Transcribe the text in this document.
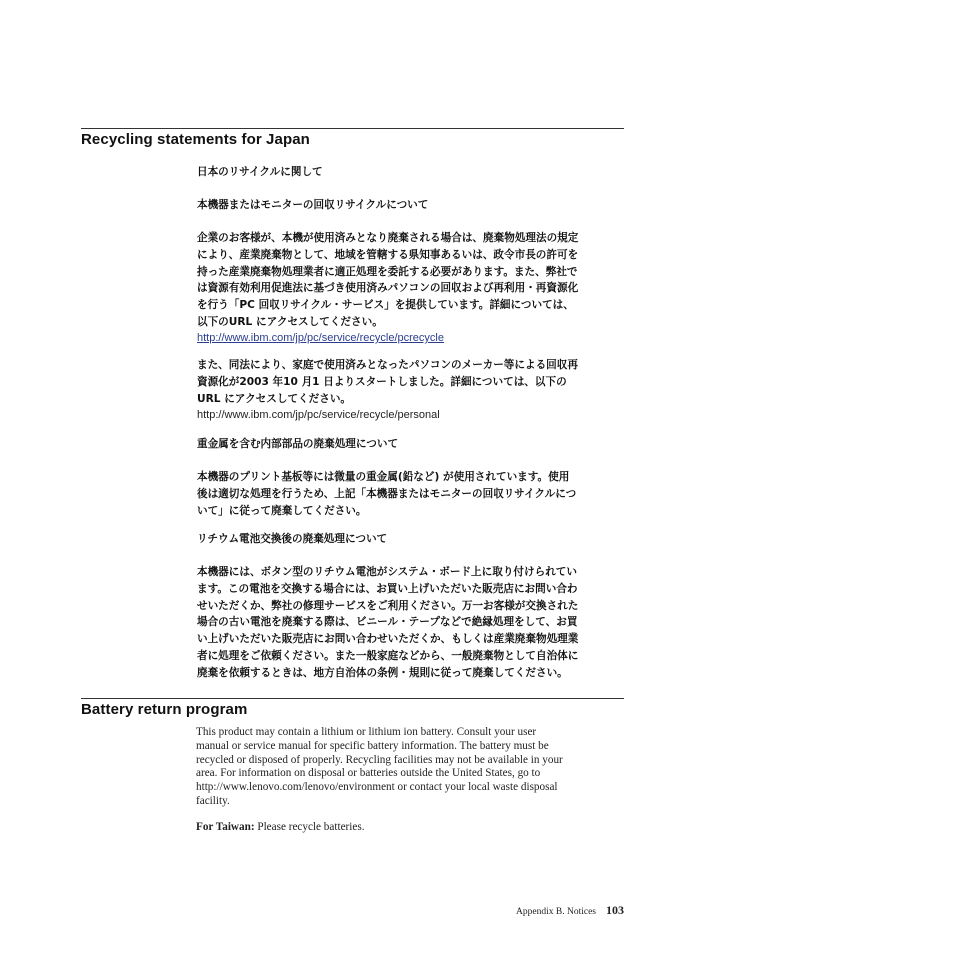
Recycling statements for Japan

日本のリサイクルに関して

本機器またはモニターの回収リサイクルについて

企業のお客様が、本機が使用済みとなり廃棄される場合は、廃棄物処理法の規定
により、産業廃棄物として、地域を管轄する県知事あるいは、政令市長の許可を
持った産業廃棄物処理業者に適正処理を委託する必要があります。また、弊社で
は資源有効利用促進法に基づき使用済みパソコンの回収および再利用・再資源化
を行う「PC 回収リサイクル・サービス」を提供しています。詳細については、
以下のURL にアクセスしてください。
http://www.ibm.com/jp/pc/service/recycle/pcrecycle
また、同法により、家庭で使用済みとなったパソコンのメーカー等による回収再
資源化が2003 年10 月1 日よりスタートしました。詳細については、以下の
URL にアクセスしてください。
http://www.ibm.com/jp/pc/service/recycle/personal

重金属を含む内部部品の廃棄処理について

本機器のプリント基板等には微量の重金属(鉛など) が使用されています。使用
後は適切な処理を行うため、上記「本機器またはモニターの回収リサイクルにつ
いて」に従って廃棄してください。

リチウム電池交換後の廃棄処理について

本機器には、ボタン型のリチウム電池がシステム・ボード上に取り付けられてい
ます。この電池を交換する場合には、お買い上げいただいた販売店にお問い合わ
せいただくか、弊社の修理サービスをご利用ください。万一お客様が交換された
場合の古い電池を廃棄する際は、ビニール・テープなどで絶縁処理をして、お買
い上げいただいた販売店にお問い合わせいただくか、もしくは産業廃棄物処理業
者に処理をご依頼ください。また一般家庭などから、一般廃棄物として自治体に
廃棄を依頼するときは、地方自治体の条例・規則に従って廃棄してください。
Battery return program
This product may contain a lithium or lithium ion battery. Consult your user
manual or service manual for specific battery information. The battery must be
recycled or disposed of properly. Recycling facilities may not be available in your
area. For information on disposal or batteries outside the United States, go to
http://www.lenovo.com/lenovo/environment or contact your local waste disposal
facility.
For Taiwan: Please recycle batteries.
Appendix B. Notices 103
